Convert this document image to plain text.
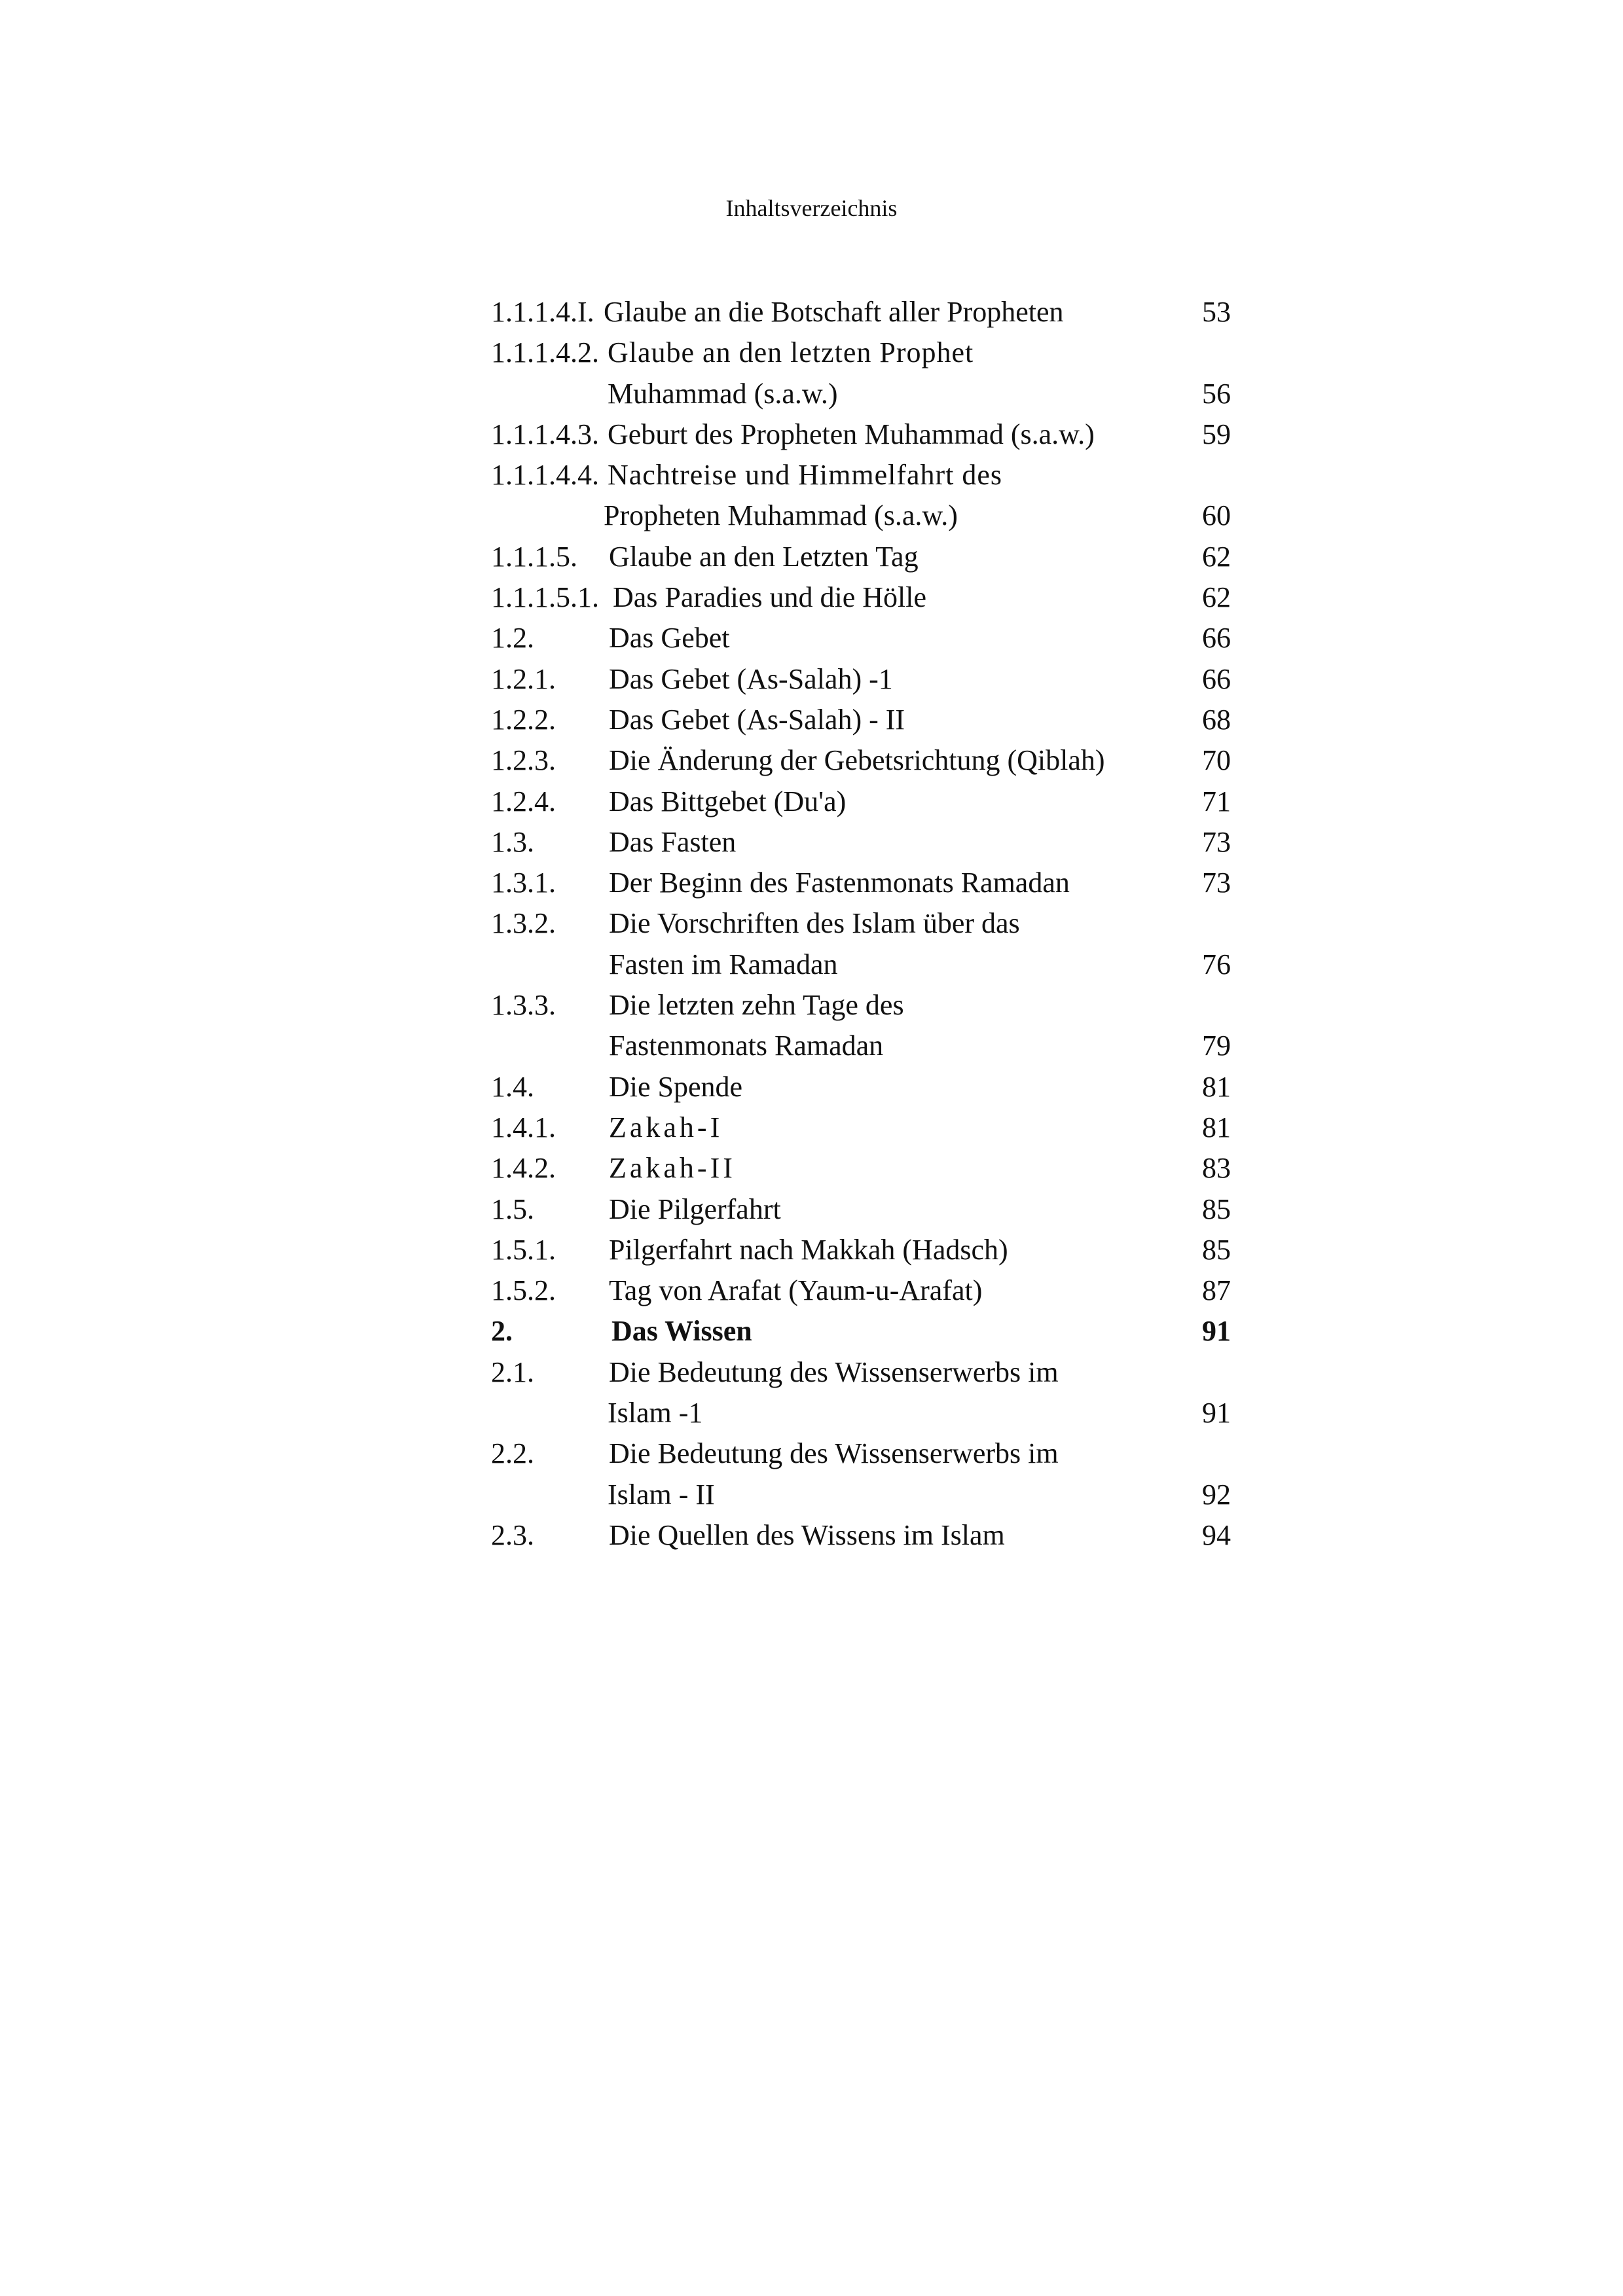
Inhaltsverzeichnis
1.1.1.4.I. Glaube an die Botschaft aller Propheten	53
1.1.1.4.2. Glaube an den letzten Prophet
Muhammad (s.a.w.)	56
1.1.1.4.3. Geburt des Propheten Muhammad (s.a.w.)	59
1.1.1.4.4. Nachtreise und Himmelfahrt des
Propheten Muhammad (s.a.w.)	60
1.1.1.5. Glaube an den Letzten Tag	62
1.1.1.5.1. Das Paradies und die Hölle	62
1.2.	Das Gebet	66
1.2.1. Das Gebet (As-Salah) -1	66
1.2.2. Das Gebet (As-Salah) - II	68
1.2.3. Die Änderung der Gebetsrichtung (Qiblah)	70
1.2.4. Das Bittgebet (Du'a)	71
1.3.	Das Fasten	73
1.3.1. Der Beginn des Fastenmonats Ramadan	73
1.3.2. Die Vorschriften des Islam über das
Fasten im Ramadan	76
1.3.3. Die letzten zehn Tage des
Fastenmonats Ramadan	79
1.4.	Die Spende	81
1.4.1. Zakah-I	81
1.4.2. Zakah-II	83
1.5.	Die Pilgerfahrt	85
1.5.1. Pilgerfahrt nach Makkah (Hadsch)	85
1.5.2. Tag von Arafat (Yaum-u-Arafat)	87
2.	Das Wissen	91
2.1.	Die Bedeutung des Wissenserwerbs im
Islam -1	91
2.2.	Die Bedeutung des Wissenserwerbs im
Islam - II	92
2.3.	Die Quellen des Wissens im Islam	94
